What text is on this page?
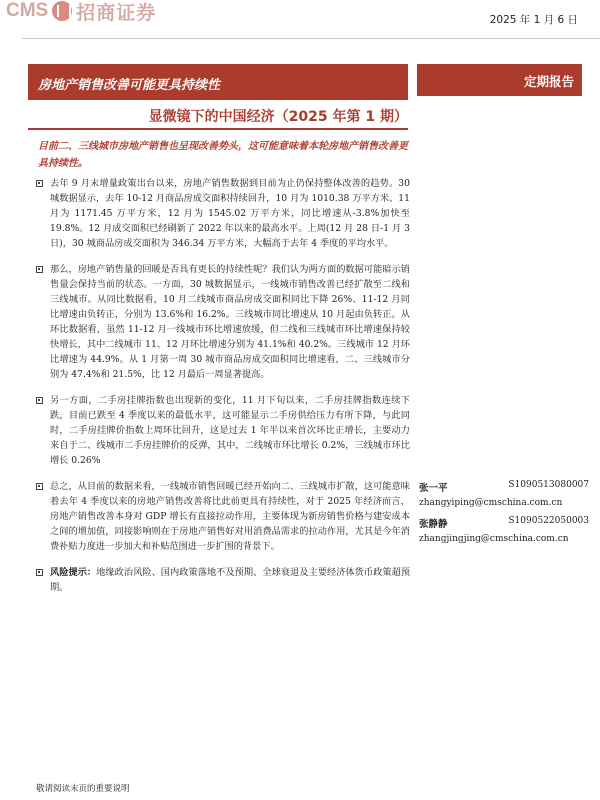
CMS 招商证券	2025 年 1 月 6 日
房地产销售改善可能更具持续性	定期报告
显微镜下的中国经济（2025 年第 1 期）
目前二、三线城市房地产销售也呈现改善势头，这可能意味着本轮房地产销售改善更具持续性。
去年 9 月末增量政策出台以来，房地产销售数据到目前为止仍保持整体改善的趋势。30 城数据显示，去年 10-12 月商品房成交面积持续回升，10 月为 1010.38 万平方米、11 月为 1171.45 万平方米，12 月为 1545.02 万平方米，同比增速从-3.8%加快至 19.8%。12 月成交面积已经刷新了 2022 年以来的最高水平。上周(12 月 28 日-1 月 3 日)，30 城商品房成交面积为 346.34 万平方米，大幅高于去年 4 季度的平均水平。
那么，房地产销售量的回暖是否具有更长的持续性呢？我们认为两方面的数据可能暗示销售量会保持当前的状态。一方面，30 城数据显示，一线城市销售改善已经扩散至二线和三线城市。从同比数据看，10 月二线城市商品房成交面积同比下降 26%、11-12 月同比增速由负转正，分别为 13.6%和 16.2%。三线城市同比增速从 10 月起由负转正。从环比数据看，虽然 11-12 月一线城市环比增速放缓，但二线和三线城市环比增速保持较快增长，其中二线城市 11、12 月环比增速分别为 41.1%和 40.2%。三线城市 12 月环比增速为 44.9%。从 1 月第一周 30 城市商品房成交面积同比增速看，二、三线城市分别为 47.4%和 21.5%，比 12 月最后一周显著提高。
另一方面，二手房挂牌指数也出现新的变化，11 月下旬以来，二手房挂牌指数连续下跌，目前已跌至 4 季度以来的最低水平，这可能显示二手房供给压力有所下降，与此同时，二手房挂牌价指数上周环比回升，这是过去 1 年半以来首次环比正增长，主要动力来自于二、线城市二手房挂牌价的反弹，其中，二线城市环比增长 0.2%，三线城市环比增长 0.26%
总之，从目前的数据来看，一线城市销售回暖已经开始向二、三线城市扩散，这可能意味着去年 4 季度以来的房地产销售改善将比此前更具有持续性，对于 2025 年经济而言，房地产销售改善本身对 GDP 增长有直接拉动作用，主要体现为新房销售价格与建安成本之间的增加值，同接影响则在于房地产销售好对用消费品需求的拉动作用，尤其是今年消费补贴力度进一步加大和补贴范围进一步扩围的背景下。
风险提示：地缘政治风险、国内政策落地不及预期、全球衰退及主要经济体货币政策超预期。
张一平	S1090513080007
zhangyiping@cmschina.com.cn
张静静	S1090522050003
zhangjingjing@cmschina.com.cn
敬请阅读末页的重要说明
